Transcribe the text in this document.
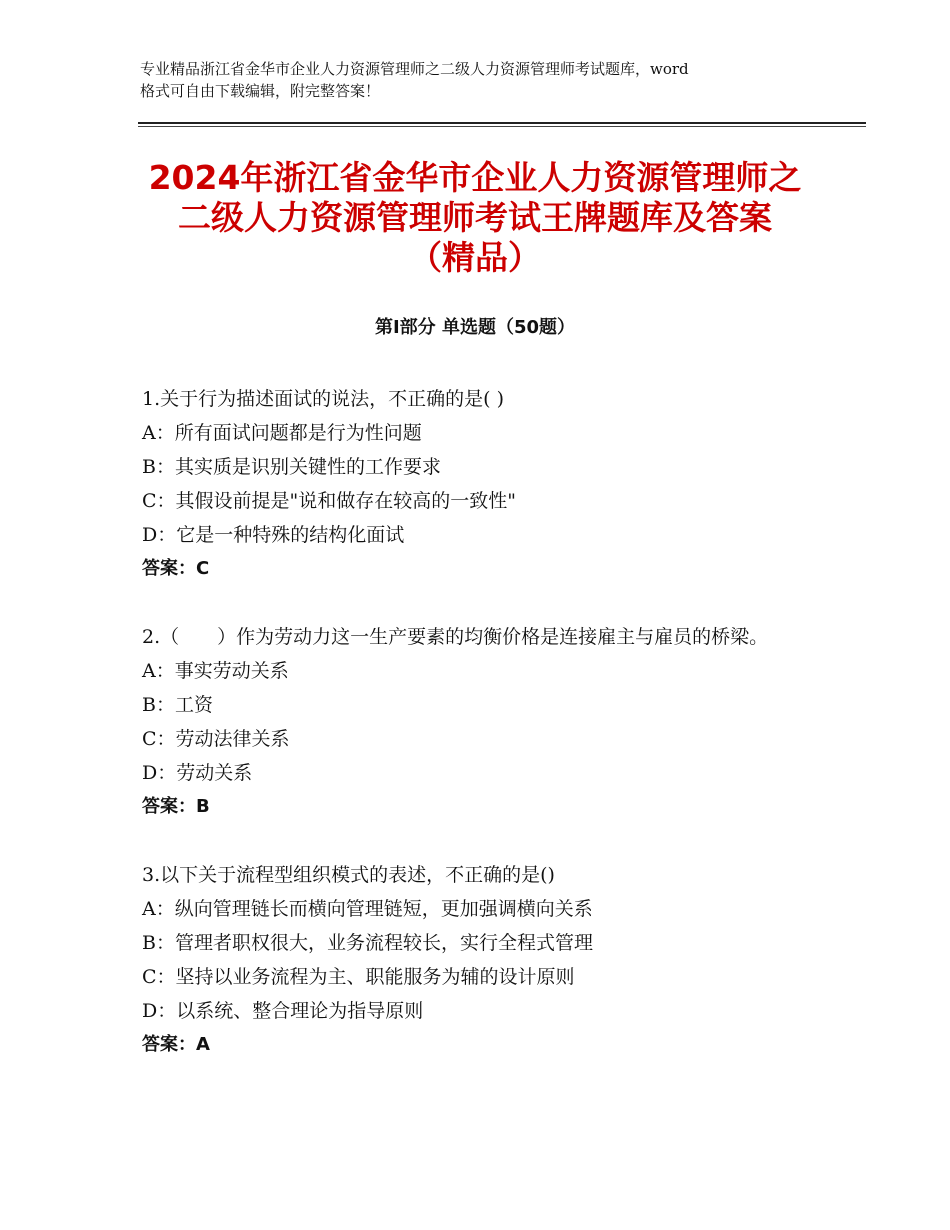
专业精品浙江省金华市企业人力资源管理师之二级人力资源管理师考试题库，word
格式可自由下载编辑，附完整答案！
2024年浙江省金华市企业人力资源管理师之
二级人力资源管理师考试王牌题库及答案
（精品）
第Ⅰ部分 单选题（50题）
1.关于行为描述面试的说法，不正确的是( )
A：所有面试问题都是行为性问题
B：其实质是识别关键性的工作要求
C：其假设前提是"说和做存在较高的一致性"
D：它是一种特殊的结构化面试
答案：C
2.（　　）作为劳动力这一生产要素的均衡价格是连接雇主与雇员的桥梁。
A：事实劳动关系
B：工资
C：劳动法律关系
D：劳动关系
答案：B
3.以下关于流程型组织模式的表述，不正确的是()
A：纵向管理链长而横向管理链短，更加强调横向关系
B：管理者职权很大，业务流程较长，实行全程式管理
C：坚持以业务流程为主、职能服务为辅的设计原则
D：以系统、整合理论为指导原则
答案：A
